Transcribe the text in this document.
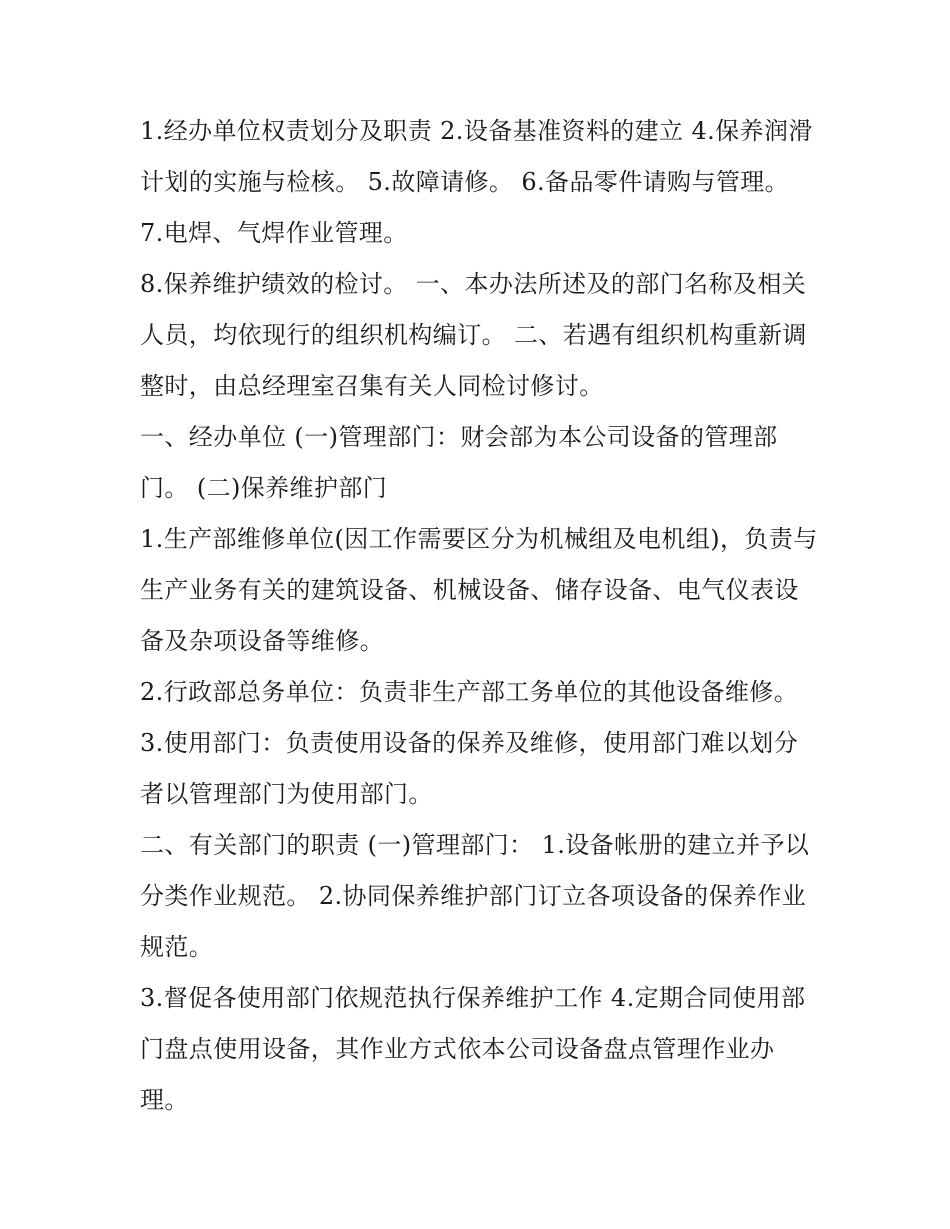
1.经办单位权责划分及职责 2.设备基准资料的建立 4.保养润滑计划的实施与检核。 5.故障请修。 6.备品零件请购与管理。 7.电焊、气焊作业管理。

8.保养维护绩效的检讨。 一、本办法所述及的部门名称及相关人员，均依现行的组织机构编订。 二、若遇有组织机构重新调整时，由总经理室召集有关人同检讨修讨。

一、经办单位 (一)管理部门：财会部为本公司设备的管理部门。 (二)保养维护部门

1.生产部维修单位(因工作需要区分为机械组及电机组)，负责与生产业务有关的建筑设备、机械设备、储存设备、电气仪表设备及杂项设备等维修。

2.行政部总务单位：负责非生产部工务单位的其他设备维修。

3.使用部门：负责使用设备的保养及维修，使用部门难以划分者以管理部门为使用部门。

二、有关部门的职责 (一)管理部门： 1.设备帐册的建立并予以分类作业规范。 2.协同保养维护部门订立各项设备的保养作业规范。

3.督促各使用部门依规范执行保养维护工作 4.定期合同使用部门盘点使用设备，其作业方式依本公司设备盘点管理作业办理。
